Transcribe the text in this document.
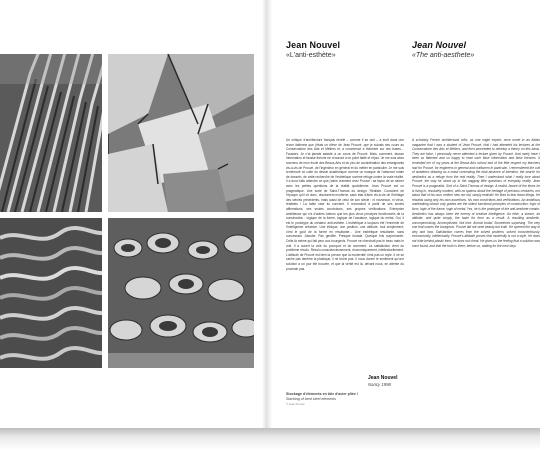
Jean Nouvel
«L'anti-esthète»
Jean Nouvel
«The anti-aesthete»
Un critique d'architecture français révélé – comme il se doit – a écrit dans une revue italienne que j'étais un élève de Jean Prouvé, que je suivais ses cours au Conservatoire des Arts et Métiers et, a commencé à théoriser sur ces bases… Fausses. Je n'ai jamais assisté à un cours de Prouvé. Mais, comment, fausse information et fausse théorie ne m'auront à ce point flatté et réjoui. Je me suis alors souvenu de mon école des Beaux-Arts et du peu de considération des enseignants vis-à-vis de Prouvé, de l'ingénieur en général et du métier en particulier. Je me suis remémoré ce culte du dessin académique comme un masque de l'absence totale de dessein, de cette recherche de l'esthétique comme refuge contre la vraie réalité. Il a donc fallu attendre ce que j'aime vraiment chez Prouvé : sa façon de se cabrer avec les petites questions de la réalité quotidienne. Jean Prouvé est un pragmatique. Une sorte de Saint-Thomas du design. Réaliste. Conscient de l'époque qu'il vit donc, résolument moderne, sans état d'âme vis-à-vis de l'héritage des siècles précédents, mais aussi de celui de son siècle : ni nouveaux, ni vieux, réalistes ! La table rase lui convient. Il reconstruit à partir de ses seules affirmations, ses seules convictions, ses propres vérifications. Entreprise ambitieuse qui n'a d'autres tuteurs que les plus vieux principes fonctionnels de la construction : logique de la forme, logique de l'ossature, logique du métal. Oui, il est le prototype du créateur anti-esthète. L'esthétique a toujours été l'ennemie de l'intelligence créatrice. Une éthique, une position, une attitude, tout simplement, c'est le goût de la forme en résultante… Une esthétique résultante, sans concession. Aboutie. Pas gentille. Presque brutale. Quelque fois surprenante. Celle-là même qui fait peur aux bourgeois. Prouvé ne cherchait pas le beau mais le vrai. Il a ouvert la voie du pourquoi et du comment. La satisfaction vient du problème résolu. Résolu consciencieusement, économiquement, intellectuellement. L'attitude de Prouvé est bien la preuve que la modernité n'est pas un style. Il ne se cache pas derrière la plastique, il ne triche pas. Il nous donne le sentiment qu'une solution a un jour été trouvée, et que la vérité est là, devant nous, en attente du prochain pas.
A scholarly French architectural critic, as one might expect, once wrote in an Italian magazine that I was a student of Jean Prouvé, that I had attended his lectures at the Conservatoire des Arts et Métiers, and then proceeded to develop a theory on this basis. They are false, I personally never attended a lecture given by Prouvé. And rarely have I been so flattered and so happy to read such false information and false theories. It reminded me of my years at the Beaux-Arts school and of the little respect my teachers had for Prouvé, for engineers in general and craftsmen in particular. I remembered the cult of academic drawing as a mask concealing the total absence of intention, the search for aesthetics as a refuge from the real reality. Then I understood what I really love about Prouvé: the way he stood up to the nagging little questions of everyday reality. Jean Prouvé is a pragmatist. Sort of a Saint-Thomas of design. A realist. Aware of the times he is living in, resolutely modern, with no qualms about the heritage of previous centuries, nor about that of his own: neither new nor old, simply realistic! He likes to tear down things. He rebuilds using only his own assertions, his own convictions and verifications. An ambitious undertaking whose only guides are the oldest functional principles of construction: logic of form, logic of the frame, logic of metal. Yes, he is the prototype of the anti-aesthete creator. Aesthetics has always been the enemy of creative intelligence. An ethic, a stance, an attitude, and quite simply, the taste for form as a result. A resulting aesthetic, uncompromising. Accomplished. Not nice. Almost brutal. Sometimes surprising. The very one that scares the bourgeois. Prouvé did not seek beauty but truth. He opened the way of why and how. Satisfaction comes from the solved problem, solved conscientiously, economically, intellectually. Prouvé's attitude proves that modernity is not a style. He does not hide behind plastic form, he does not cheat. He gives us the feeling that a solution was once found, and that the truth is there, before us, waiting for the next step.
Jean Nouvel
Nancy 1998
Stockage d'éléments en tôle d'acier pliée /
Stacking of bent steel elements
© Jean Prouvé
